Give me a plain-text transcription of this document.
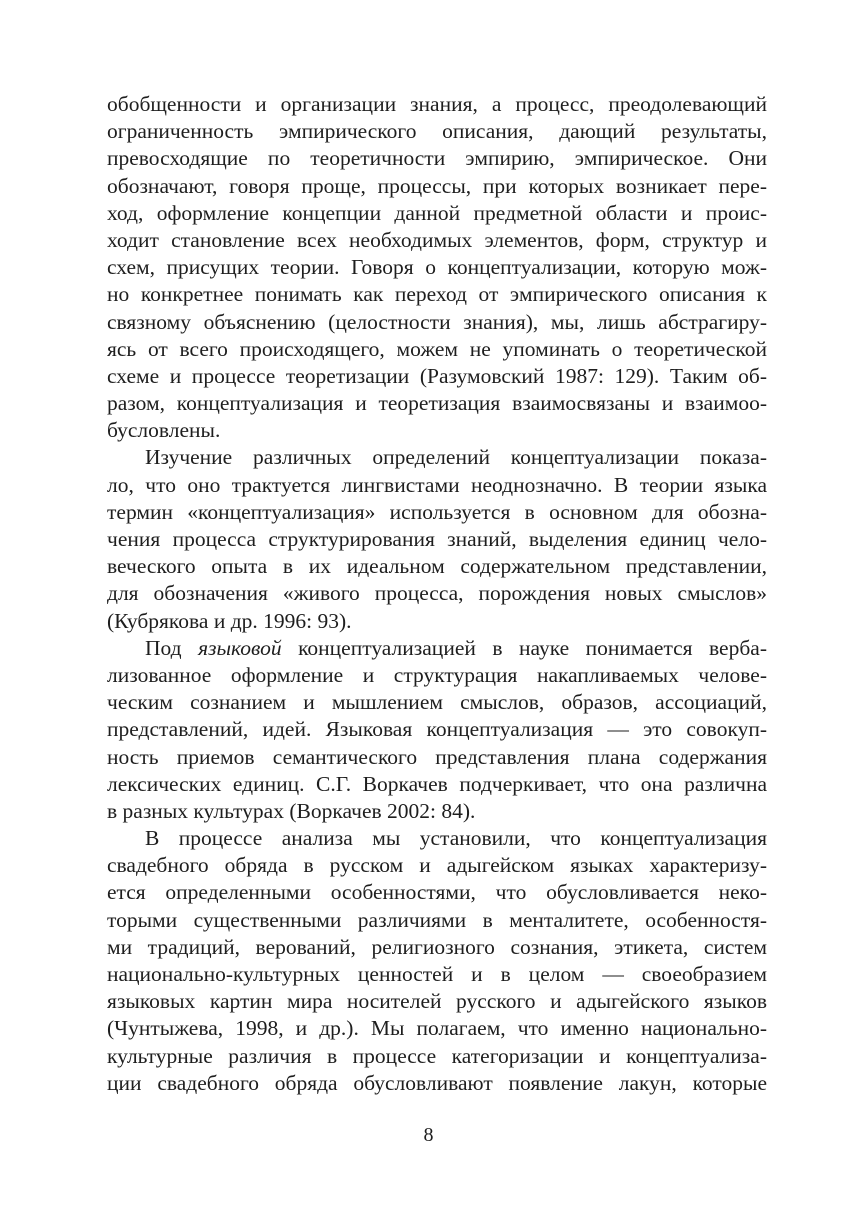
обобщенности и организации знания, а процесс, преодолевающий
ограниченность эмпирического описания, дающий результаты,
превосходящие по теоретичности эмпирию, эмпирическое. Они
обозначают, говоря проще, процессы, при которых возникает пере-
ход, оформление концепции данной предметной области и проис-
ходит становление всех необходимых элементов, форм, структур и
схем, присущих теории. Говоря о концептуализации, которую мож-
но конкретнее понимать как переход от эмпирического описания к
связному объяснению (целостности знания), мы, лишь абстрагиру-
ясь от всего происходящего, можем не упоминать о теоретической
схеме и процессе теоретизации (Разумовский 1987: 129). Таким об-
разом, концептуализация и теоретизация взаимосвязаны и взаимоо-
бусловлены.
Изучение различных определений концептуализации показа-
ло, что оно трактуется лингвистами неоднозначно. В теории языка
термин «концептуализация» используется в основном для обозна-
чения процесса структурирования знаний, выделения единиц чело-
веческого опыта в их идеальном содержательном представлении,
для обозначения «живого процесса, порождения новых смыслов»
(Кубрякова и др. 1996: 93).
Под языковой концептуализацией в науке понимается верба-
лизованное оформление и структурация накапливаемых челове-
ческим сознанием и мышлением смыслов, образов, ассоциаций,
представлений, идей. Языковая концептуализация — это совокуп-
ность приемов семантического представления плана содержания
лексических единиц. С.Г. Воркачев подчеркивает, что она различна
в разных культурах (Воркачев 2002: 84).
В процессе анализа мы установили, что концептуализация
свадебного обряда в русском и адыгейском языках характеризу-
ется определенными особенностями, что обусловливается неко-
торыми существенными различиями в менталитете, особенностя-
ми традиций, верований, религиозного сознания, этикета, систем
национально-культурных ценностей и в целом — своеобразием
языковых картин мира носителей русского и адыгейского языков
(Чунтыжева, 1998, и др.). Мы полагаем, что именно национально-
культурные различия в процессе категоризации и концептуализа-
ции свадебного обряда обусловливают появление лакун, которые
8
